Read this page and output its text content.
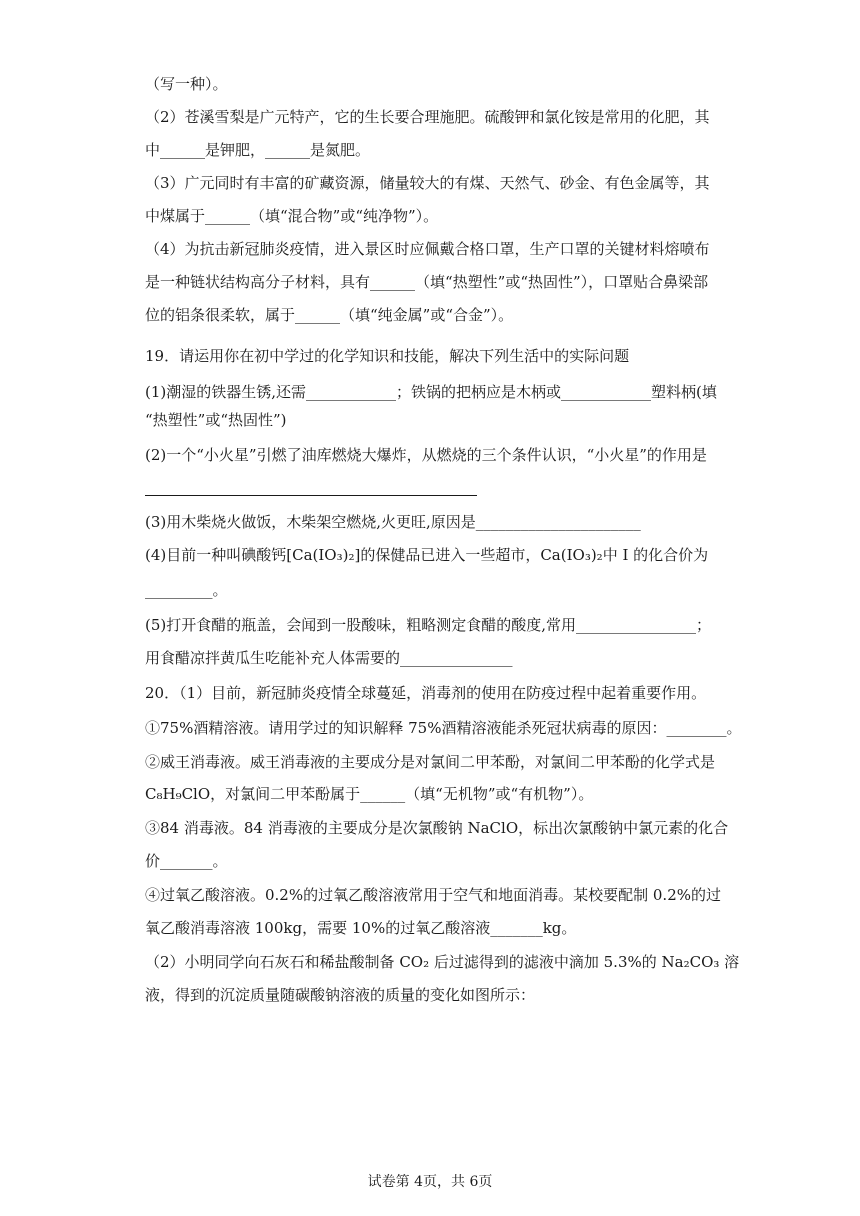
（写一种）。
（2）苍溪雪梨是广元特产，它的生长要合理施肥。硫酸钾和氯化铵是常用的化肥，其
中______是钾肥，______是氮肥。
（3）广元同时有丰富的矿藏资源，储量较大的有煤、天然气、砂金、有色金属等，其
中煤属于______（填“混合物”或“纯净物”）。
（4）为抗击新冠肺炎疫情，进入景区时应佩戴合格口罩，生产口罩的关键材料熔喷布
是一种链状结构高分子材料，具有______（填“热塑性”或“热固性”），口罩贴合鼻梁部
位的铝条很柔软，属于______（填“纯金属”或“合金”）。
19．请运用你在初中学过的化学知识和技能，解决下列生活中的实际问题
(1)潮湿的铁器生锈,还需____________；铁锅的把柄应是木柄或____________塑料柄(填
“热塑性”或“热固性”)
(2)一个“小火星”引燃了油库燃烧大爆炸，从燃烧的三个条件认识，“小火星”的作用是
(3)用木柴烧火做饭，木柴架空燃烧,火更旺,原因是______________________
(4)目前一种叫碘酸钙[Ca(IO₃)₂]的保健品已进入一些超市，Ca(IO₃)₂中 I 的化合价为
_________。
(5)打开食醋的瓶盖，会闻到一股酸味，粗略测定食醋的酸度,常用________________；
用食醋凉拌黄瓜生吃能补充人体需要的_______________
20．（1）目前，新冠肺炎疫情全球蔓延，消毒剂的使用在防疫过程中起着重要作用。
①75%酒精溶液。请用学过的知识解释 75%酒精溶液能杀死冠状病毒的原因：________。
②威王消毒液。威王消毒液的主要成分是对氯间二甲苯酚，对氯间二甲苯酚的化学式是
C₈H₉ClO，对氯间二甲苯酚属于______（填“无机物”或“有机物”）。
③84 消毒液。84 消毒液的主要成分是次氯酸钠 NaClO，标出次氯酸钠中氯元素的化合
价_______。
④过氧乙酸溶液。0.2%的过氧乙酸溶液常用于空气和地面消毒。某校要配制 0.2%的过
氧乙酸消毒溶液 100kg，需要 10%的过氧乙酸溶液_______kg。
（2）小明同学向石灰石和稀盐酸制备 CO₂ 后过滤得到的滤液中滴加 5.3%的 Na₂CO₃ 溶
液，得到的沉淀质量随碳酸钠溶液的质量的变化如图所示：
试卷第 4页，共 6页
